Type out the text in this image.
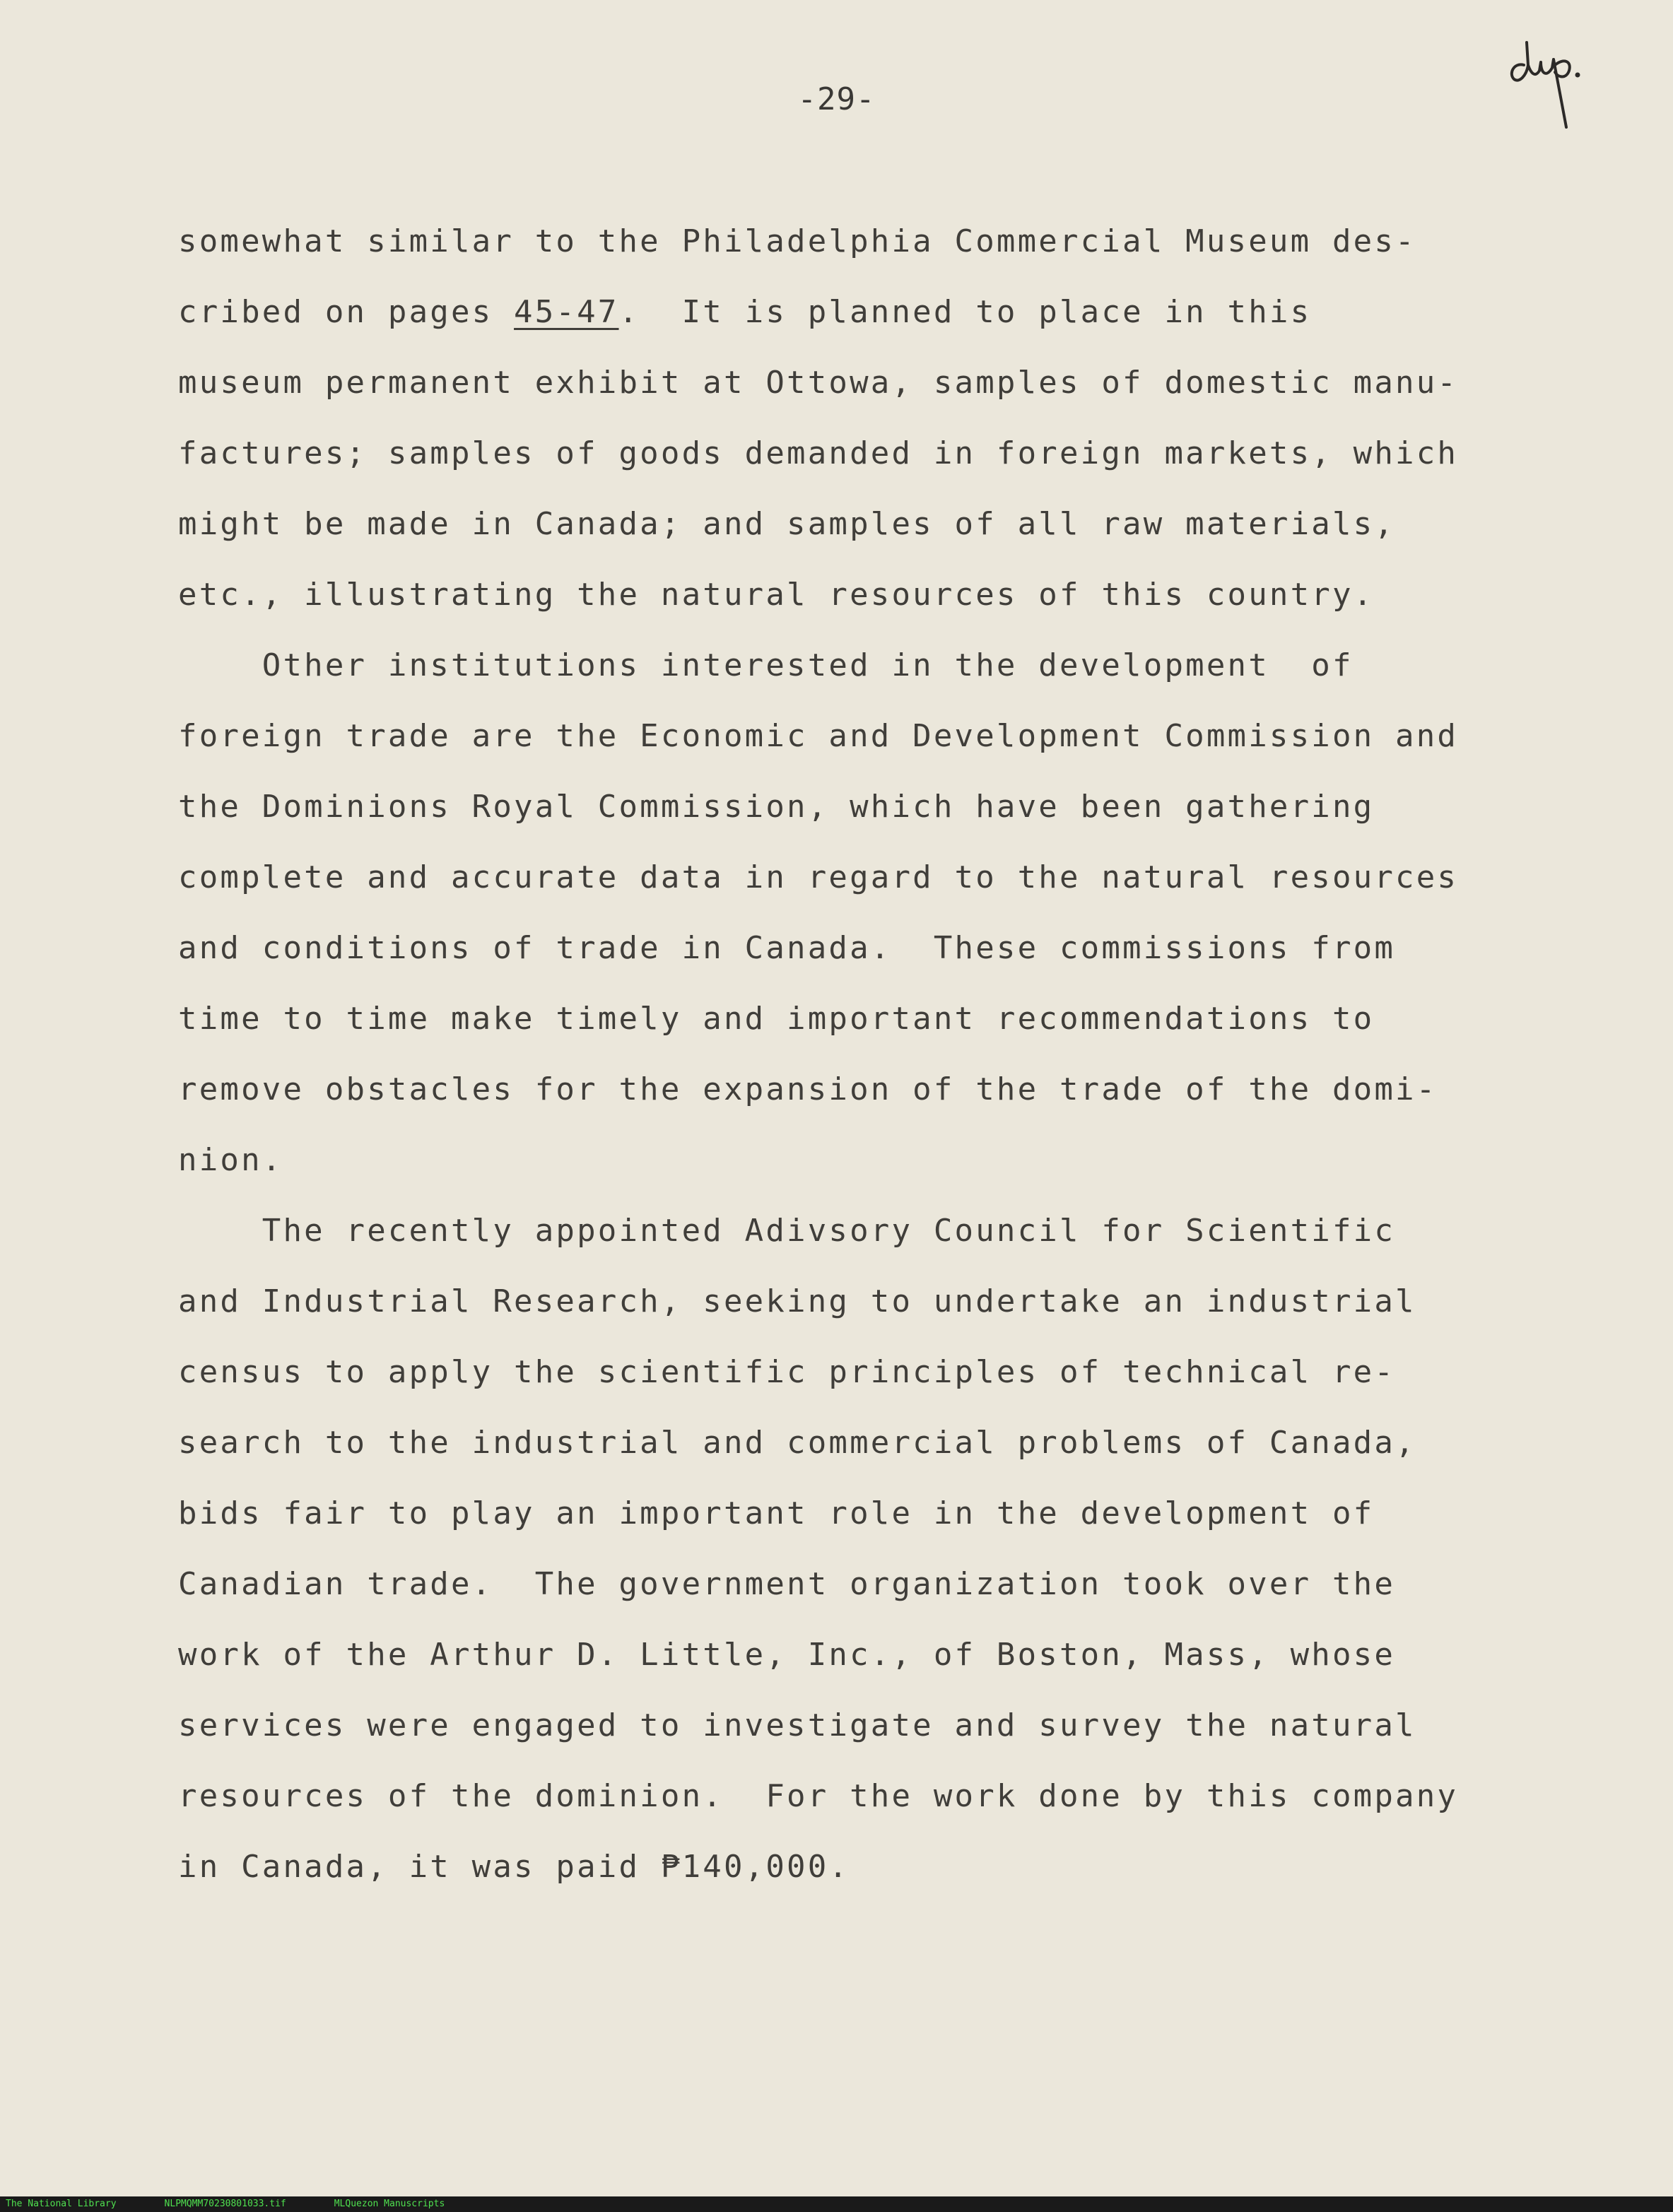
-29-

somewhat similar to the Philadelphia Commercial Museum des-

cribed on pages 45-47.  It is planned to place in this

museum permanent exhibit at Ottowa, samples of domestic manu-

factures; samples of goods demanded in foreign markets, which

might be made in Canada; and samples of all raw materials,

etc., illustrating the natural resources of this country.

Other institutions interested in the development  of

foreign trade are the Economic and Development Commission and

the Dominions Royal Commission, which have been gathering

complete and accurate data in regard to the natural resources

and conditions of trade in Canada.  These commissions from

time to time make timely and important recommendations to

remove obstacles for the expansion of the trade of the domi-

nion.

The recently appointed Adivsory Council for Scientific

and Industrial Research, seeking to undertake an industrial

census to apply the scientific principles of technical re-

search to the industrial and commercial problems of Canada,

bids fair to play an important role in the development of

Canadian trade.  The government organization took over the

work of the Arthur D. Little, Inc., of Boston, Mass, whose

services were engaged to investigate and survey the natural

resources of the dominion.  For the work done by this company

in Canada, it was paid ₱140,000.

The National Library	NLPMQMM70230801033.tif	MLQuezon Manuscripts
